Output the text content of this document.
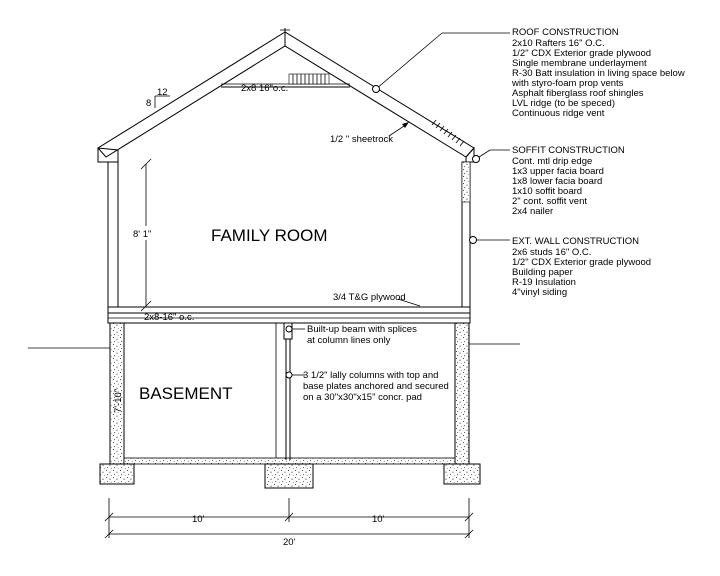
8
12
8' 1"
7'-10"
10'	10'
20'
FAMILY ROOM
BASEMENT
2x8 16"o.c.
3/4 T&G plywood
2x8-16" o.c.
1/2 " sheetrock
Built-up beam with splices
at column lines only
3 1/2" lally columns with top and
base plates anchored and secured
on a 30"x30"x15" concr. pad
ROOF CONSTRUCTION
2x10 Rafters 16" O.C.
1/2" CDX Exterior grade plywood
Single membrane underlayment
R-30 Batt insulation in living space below
with styro-foam prop vents
Asphalt fiberglass roof shingles
LVL ridge (to be speced)
Continuous ridge vent
SOFFIT CONSTRUCTION
Cont. mtl drip edge
1x3 upper facia board
1x8 lower facia board
1x10 soffit board
2" cont. soffit vent
2x4 nailer
EXT. WALL CONSTRUCTION
2x6 studs 16" O.C.
1/2" CDX Exterior grade plywood
Building paper
R-19 Insulation
4"vinyl siding
